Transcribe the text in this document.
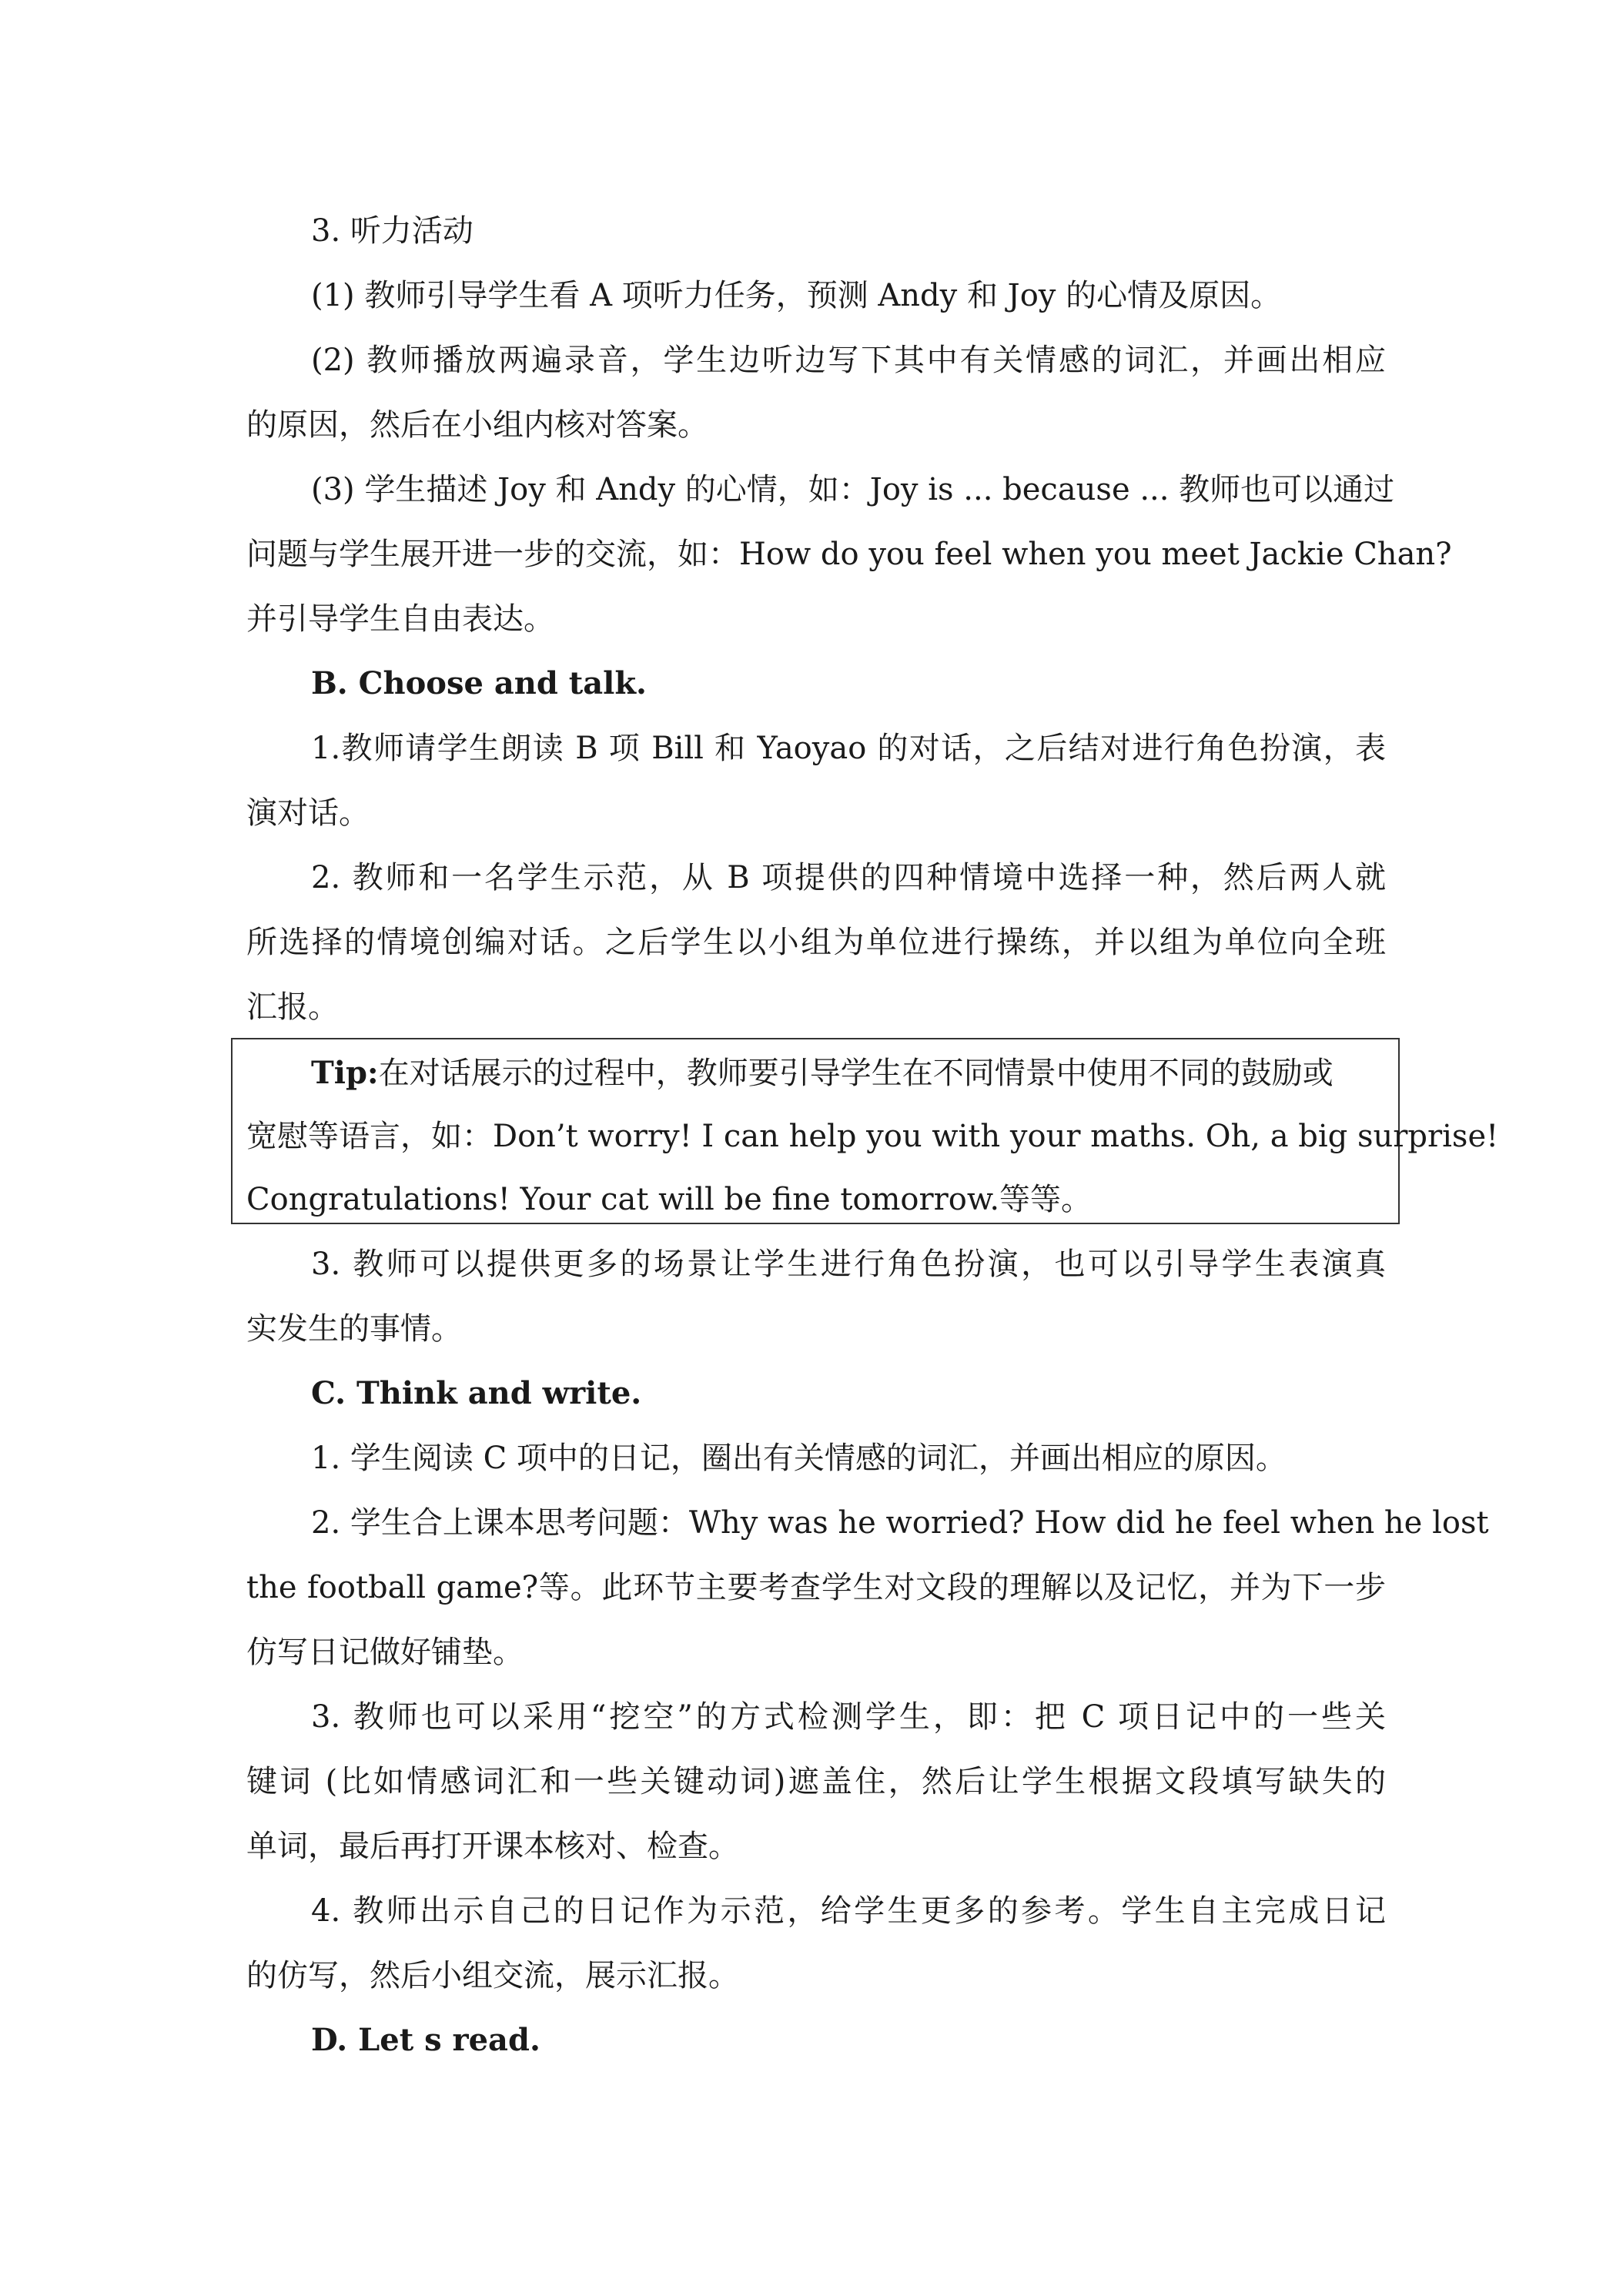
3. 听力活动
(1) 教师引导学生看 A 项听力任务，预测 Andy 和 Joy 的心情及原因。
(2) 教师播放两遍录音，学生边听边写下其中有关情感的词汇，并画出相应
的原因，然后在小组内核对答案。
(3) 学生描述 Joy 和 Andy 的心情，如：Joy is ... because ... 教师也可以通过
问题与学生展开进一步的交流，如：How do you feel when you meet Jackie Chan?
并引导学生自由表达。
B. Choose and talk.
1.教师请学生朗读 B 项 Bill 和 Yaoyao 的对话，之后结对进行角色扮演，表
演对话。
2. 教师和一名学生示范，从 B 项提供的四种情境中选择一种，然后两人就
所选择的情境创编对话。之后学生以小组为单位进行操练，并以组为单位向全班
汇报。
Tip:在对话展示的过程中，教师要引导学生在不同情景中使用不同的鼓励或
宽慰等语言，如：Don’t worry! I can help you with your maths. Oh, a big surprise!
Congratulations! Your cat will be fine tomorrow.等等。
3. 教师可以提供更多的场景让学生进行角色扮演，也可以引导学生表演真
实发生的事情。
C. Think and write.
1. 学生阅读 C 项中的日记，圈出有关情感的词汇，并画出相应的原因。
2. 学生合上课本思考问题：Why was he worried? How did he feel when he lost
the football game?等。此环节主要考查学生对文段的理解以及记忆，并为下一步
仿写日记做好铺垫。
3. 教师也可以采用“挖空”的方式检测学生，即：把 C 项日记中的一些关
键词 (比如情感词汇和一些关键动词)遮盖住，然后让学生根据文段填写缺失的
单词，最后再打开课本核对、检查。
4. 教师出示自己的日记作为示范，给学生更多的参考。学生自主完成日记
的仿写，然后小组交流，展示汇报。
D. Let s read.
